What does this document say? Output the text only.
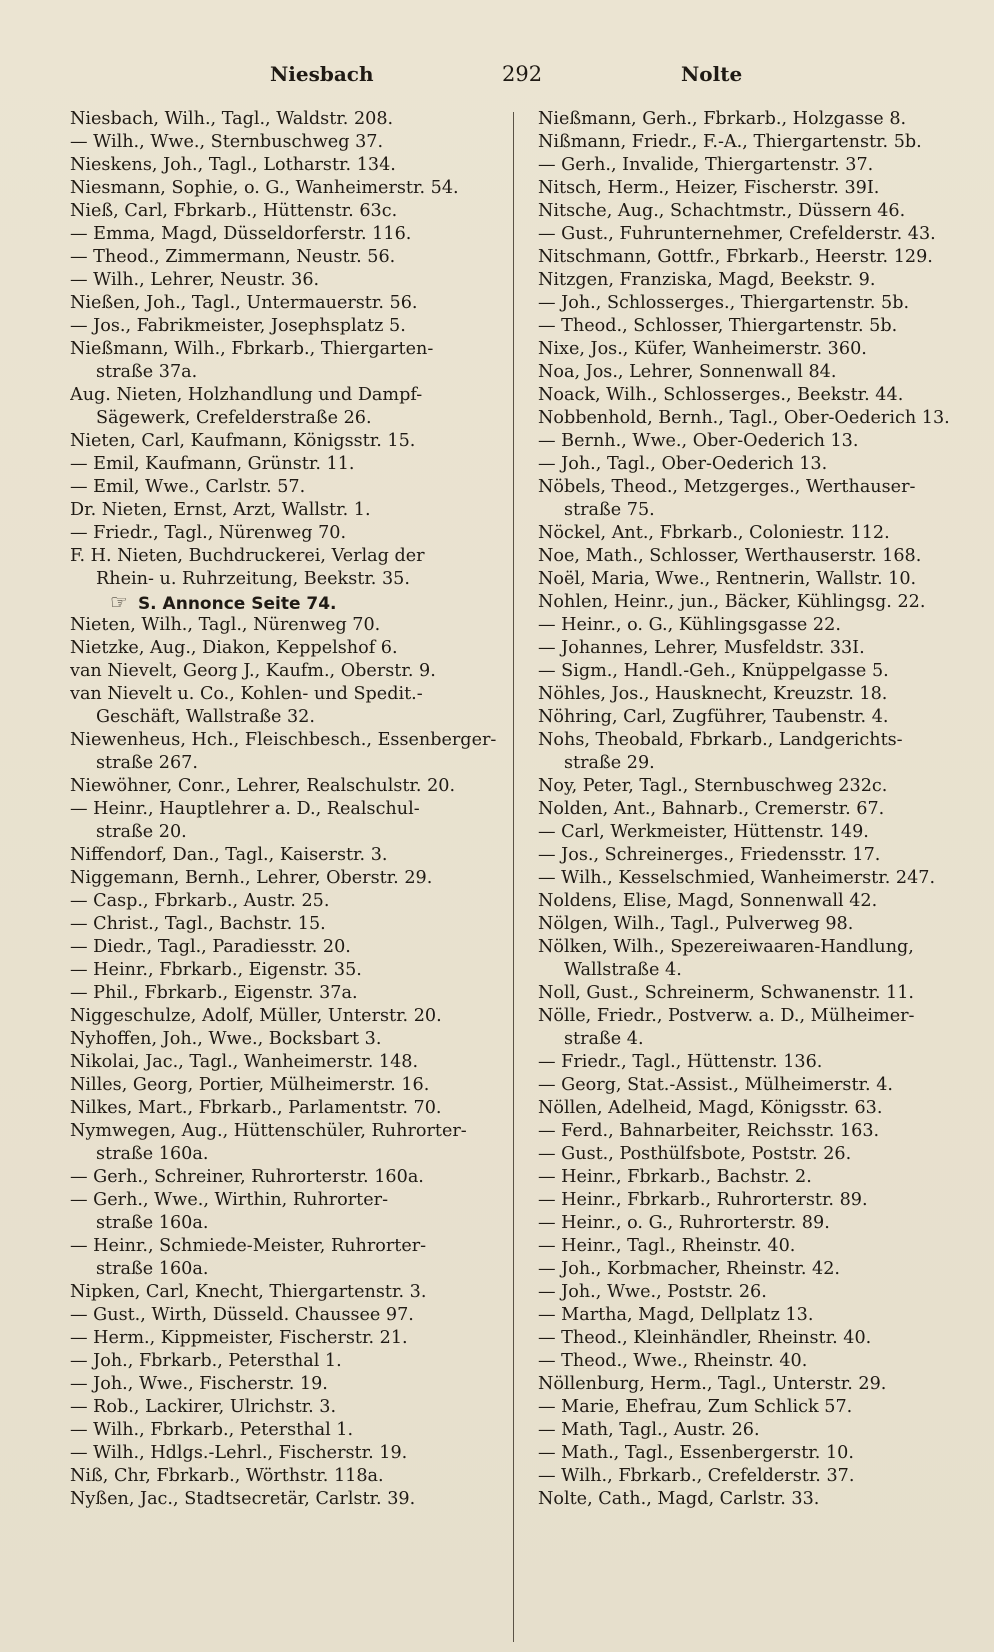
Niesbach	292	Nolte
Niesbach, Wilh., Tagl., Waldstr. 208.
— Wilh., Wwe., Sternbuschweg 37.
Nieskens, Joh., Tagl., Lotharstr. 134.
Niesmann, Sophie, o. G., Wanheimerstr. 54.
Nieß, Carl, Fbrkarb., Hüttenstr. 63c.
— Emma, Magd, Düsseldorferstr. 116.
— Theod., Zimmermann, Neustr. 56.
— Wilh., Lehrer, Neustr. 36.
Nießen, Joh., Tagl., Untermauerstr. 56.
— Jos., Fabrikmeister, Josephsplatz 5.
Nießmann, Wilh., Fbrkarb., Thiergarten-
straße 37a.
Aug. Nieten, Holzhandlung und Dampf-
Sägewerk, Crefelderstraße 26.
Nieten, Carl, Kaufmann, Königsstr. 15.
— Emil, Kaufmann, Grünstr. 11.
— Emil, Wwe., Carlstr. 57.
Dr. Nieten, Ernst, Arzt, Wallstr. 1.
— Friedr., Tagl., Nürenweg 70.
F. H. Nieten, Buchdruckerei, Verlag der
Rhein- u. Ruhrzeitung, Beekstr. 35.
☞ S. Annonce Seite 74.
Nieten, Wilh., Tagl., Nürenweg 70.
Nietzke, Aug., Diakon, Keppelshof 6.
van Nievelt, Georg J., Kaufm., Oberstr. 9.
van Nievelt u. Co., Kohlen- und Spedit.-
Geschäft, Wallstraße 32.
Niewenheus, Hch., Fleischbesch., Essenberger-
straße 267.
Niewöhner, Conr., Lehrer, Realschulstr. 20.
— Heinr., Hauptlehrer a. D., Realschul-
straße 20.
Niffendorf, Dan., Tagl., Kaiserstr. 3.
Niggemann, Bernh., Lehrer, Oberstr. 29.
— Casp., Fbrkarb., Austr. 25.
— Christ., Tagl., Bachstr. 15.
— Diedr., Tagl., Paradiesstr. 20.
— Heinr., Fbrkarb., Eigenstr. 35.
— Phil., Fbrkarb., Eigenstr. 37a.
Niggeschulze, Adolf, Müller, Unterstr. 20.
Nyhoffen, Joh., Wwe., Bocksbart 3.
Nikolai, Jac., Tagl., Wanheimerstr. 148.
Nilles, Georg, Portier, Mülheimerstr. 16.
Nilkes, Mart., Fbrkarb., Parlamentstr. 70.
Nymwegen, Aug., Hüttenschüler, Ruhrorter-
straße 160a.
— Gerh., Schreiner, Ruhrorterstr. 160a.
— Gerh., Wwe., Wirthin, Ruhrorter-
straße 160a.
— Heinr., Schmiede-Meister, Ruhrorter-
straße 160a.
Nipken, Carl, Knecht, Thiergartenstr. 3.
— Gust., Wirth, Düsseld. Chaussee 97.
— Herm., Kippmeister, Fischerstr. 21.
— Joh., Fbrkarb., Petersthal 1.
— Joh., Wwe., Fischerstr. 19.
— Rob., Lackirer, Ulrichstr. 3.
— Wilh., Fbrkarb., Petersthal 1.
— Wilh., Hdlgs.-Lehrl., Fischerstr. 19.
Niß, Chr, Fbrkarb., Wörthstr. 118a.
Nyßen, Jac., Stadtsecretär, Carlstr. 39.
Nießmann, Gerh., Fbrkarb., Holzgasse 8.
Nißmann, Friedr., F.-A., Thiergartenstr. 5b.
— Gerh., Invalide, Thiergartenstr. 37.
Nitsch, Herm., Heizer, Fischerstr. 39I.
Nitsche, Aug., Schachtmstr., Düssern 46.
— Gust., Fuhrunternehmer, Crefelderstr. 43.
Nitschmann, Gottfr., Fbrkarb., Heerstr. 129.
Nitzgen, Franziska, Magd, Beekstr. 9.
— Joh., Schlosserges., Thiergartenstr. 5b.
— Theod., Schlosser, Thiergartenstr. 5b.
Nixe, Jos., Küfer, Wanheimerstr. 360.
Noa, Jos., Lehrer, Sonnenwall 84.
Noack, Wilh., Schlosserges., Beekstr. 44.
Nobbenhold, Bernh., Tagl., Ober-Oederich 13.
— Bernh., Wwe., Ober-Oederich 13.
— Joh., Tagl., Ober-Oederich 13.
Nöbels, Theod., Metzgerges., Werthauser-
straße 75.
Nöckel, Ant., Fbrkarb., Coloniestr. 112.
Noe, Math., Schlosser, Werthauserstr. 168.
Noël, Maria, Wwe., Rentnerin, Wallstr. 10.
Nohlen, Heinr., jun., Bäcker, Kühlingsg. 22.
— Heinr., o. G., Kühlingsgasse 22.
— Johannes, Lehrer, Musfeldstr. 33I.
— Sigm., Handl.-Geh., Knüppelgasse 5.
Nöhles, Jos., Hausknecht, Kreuzstr. 18.
Nöhring, Carl, Zugführer, Taubenstr. 4.
Nohs, Theobald, Fbrkarb., Landgerichts-
straße 29.
Noy, Peter, Tagl., Sternbuschweg 232c.
Nolden, Ant., Bahnarb., Cremerstr. 67.
— Carl, Werkmeister, Hüttenstr. 149.
— Jos., Schreinerges., Friedensstr. 17.
— Wilh., Kesselschmied, Wanheimerstr. 247.
Noldens, Elise, Magd, Sonnenwall 42.
Nölgen, Wilh., Tagl., Pulverweg 98.
Nölken, Wilh., Spezereiwaaren-Handlung,
Wallstraße 4.
Noll, Gust., Schreinerm, Schwanenstr. 11.
Nölle, Friedr., Postverw. a. D., Mülheimer-
straße 4.
— Friedr., Tagl., Hüttenstr. 136.
— Georg, Stat.-Assist., Mülheimerstr. 4.
Nöllen, Adelheid, Magd, Königsstr. 63.
— Ferd., Bahnarbeiter, Reichsstr. 163.
— Gust., Posthülfsbote, Poststr. 26.
— Heinr., Fbrkarb., Bachstr. 2.
— Heinr., Fbrkarb., Ruhrorterstr. 89.
— Heinr., o. G., Ruhrorterstr. 89.
— Heinr., Tagl., Rheinstr. 40.
— Joh., Korbmacher, Rheinstr. 42.
— Joh., Wwe., Poststr. 26.
— Martha, Magd, Dellplatz 13.
— Theod., Kleinhändler, Rheinstr. 40.
— Theod., Wwe., Rheinstr. 40.
Nöllenburg, Herm., Tagl., Unterstr. 29.
— Marie, Ehefrau, Zum Schlick 57.
— Math, Tagl., Austr. 26.
— Math., Tagl., Essenbergerstr. 10.
— Wilh., Fbrkarb., Crefelderstr. 37.
Nolte, Cath., Magd, Carlstr. 33.
